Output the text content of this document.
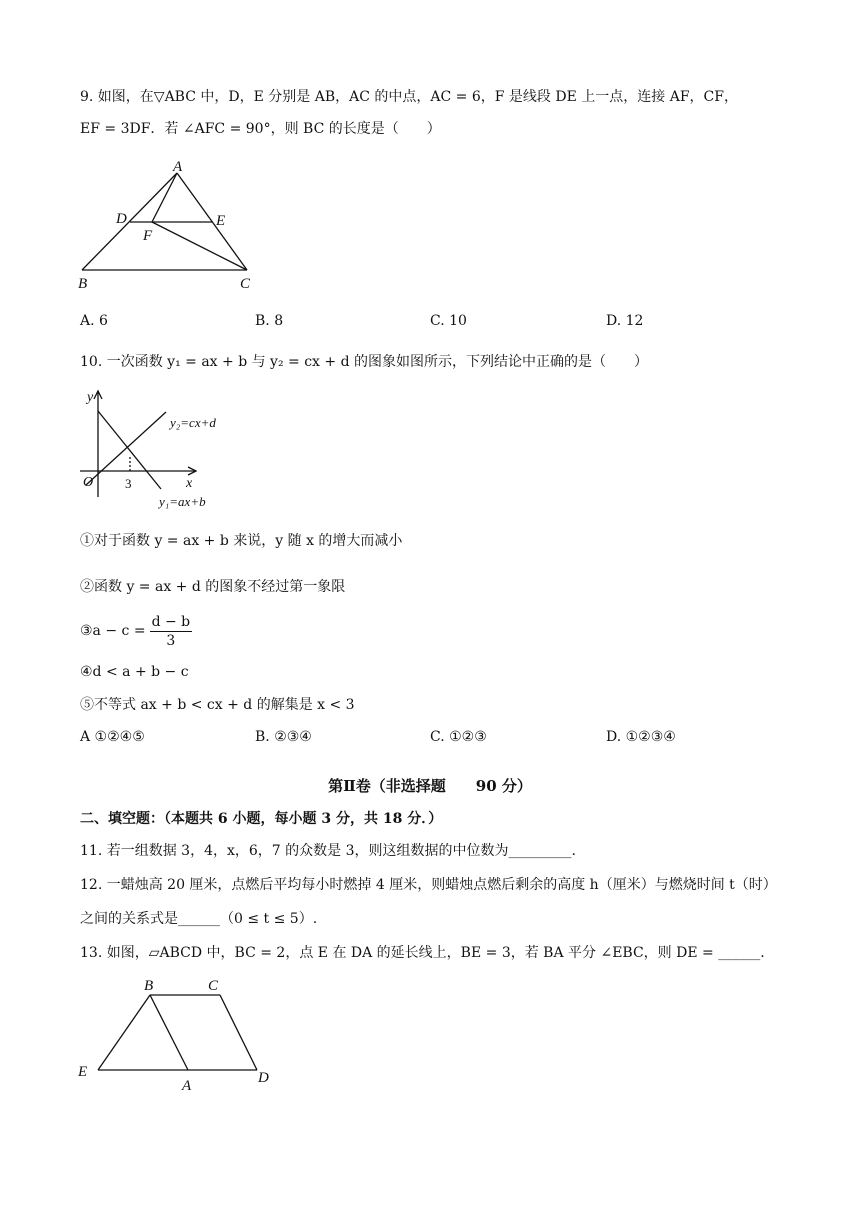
9. 如图，在▽ABC 中，D，E 分别是 AB，AC 的中点，AC = 6，F 是线段 DE 上一点，连接 AF，CF，
EF = 3DF．若 ∠AFC = 90°，则 BC 的长度是（　　）
A
D	E
F
B	C
A. 6	B. 8	C. 10	D. 12
10. 一次函数 y₁ = ax + b 与 y₂ = cx + d 的图象如图所示，下列结论中正确的是（　　）
y
x
O 3
y₂=cx+d
y₁=ax+b
①对于函数 y = ax + b 来说，y 随 x 的增大而减小
②函数 y = ax + d 的图象不经过第一象限
③a − $c = \frac{d - b}{3}$
④d < a + b − c
⑤不等式 ax + b < cx + d 的解集是 x < 3
A ①②④⑤	B. ②③④	C. ①②③	D. ①②③④
第Ⅱ卷（非选择题　　90 分）
二、填空题：（本题共 6 小题，每小题 3 分，共 18 分．）
11. 若一组数据 3，4，x，6，7 的众数是 3，则这组数据的中位数为_________.
12. 一蜡烛高 20 厘米，点燃后平均每小时燃掉 4 厘米，则蜡烛点燃后剩余的高度 h（厘米）与燃烧时间 t（时）
之间的关系式是______（0 ≤ t ≤ 5）.
13. 如图，▱ABCD 中，BC = 2，点 E 在 DA 的延长线上，BE = 3，若 BA 平分 ∠EBC，则 DE = ______.
B	C
E
A	D
